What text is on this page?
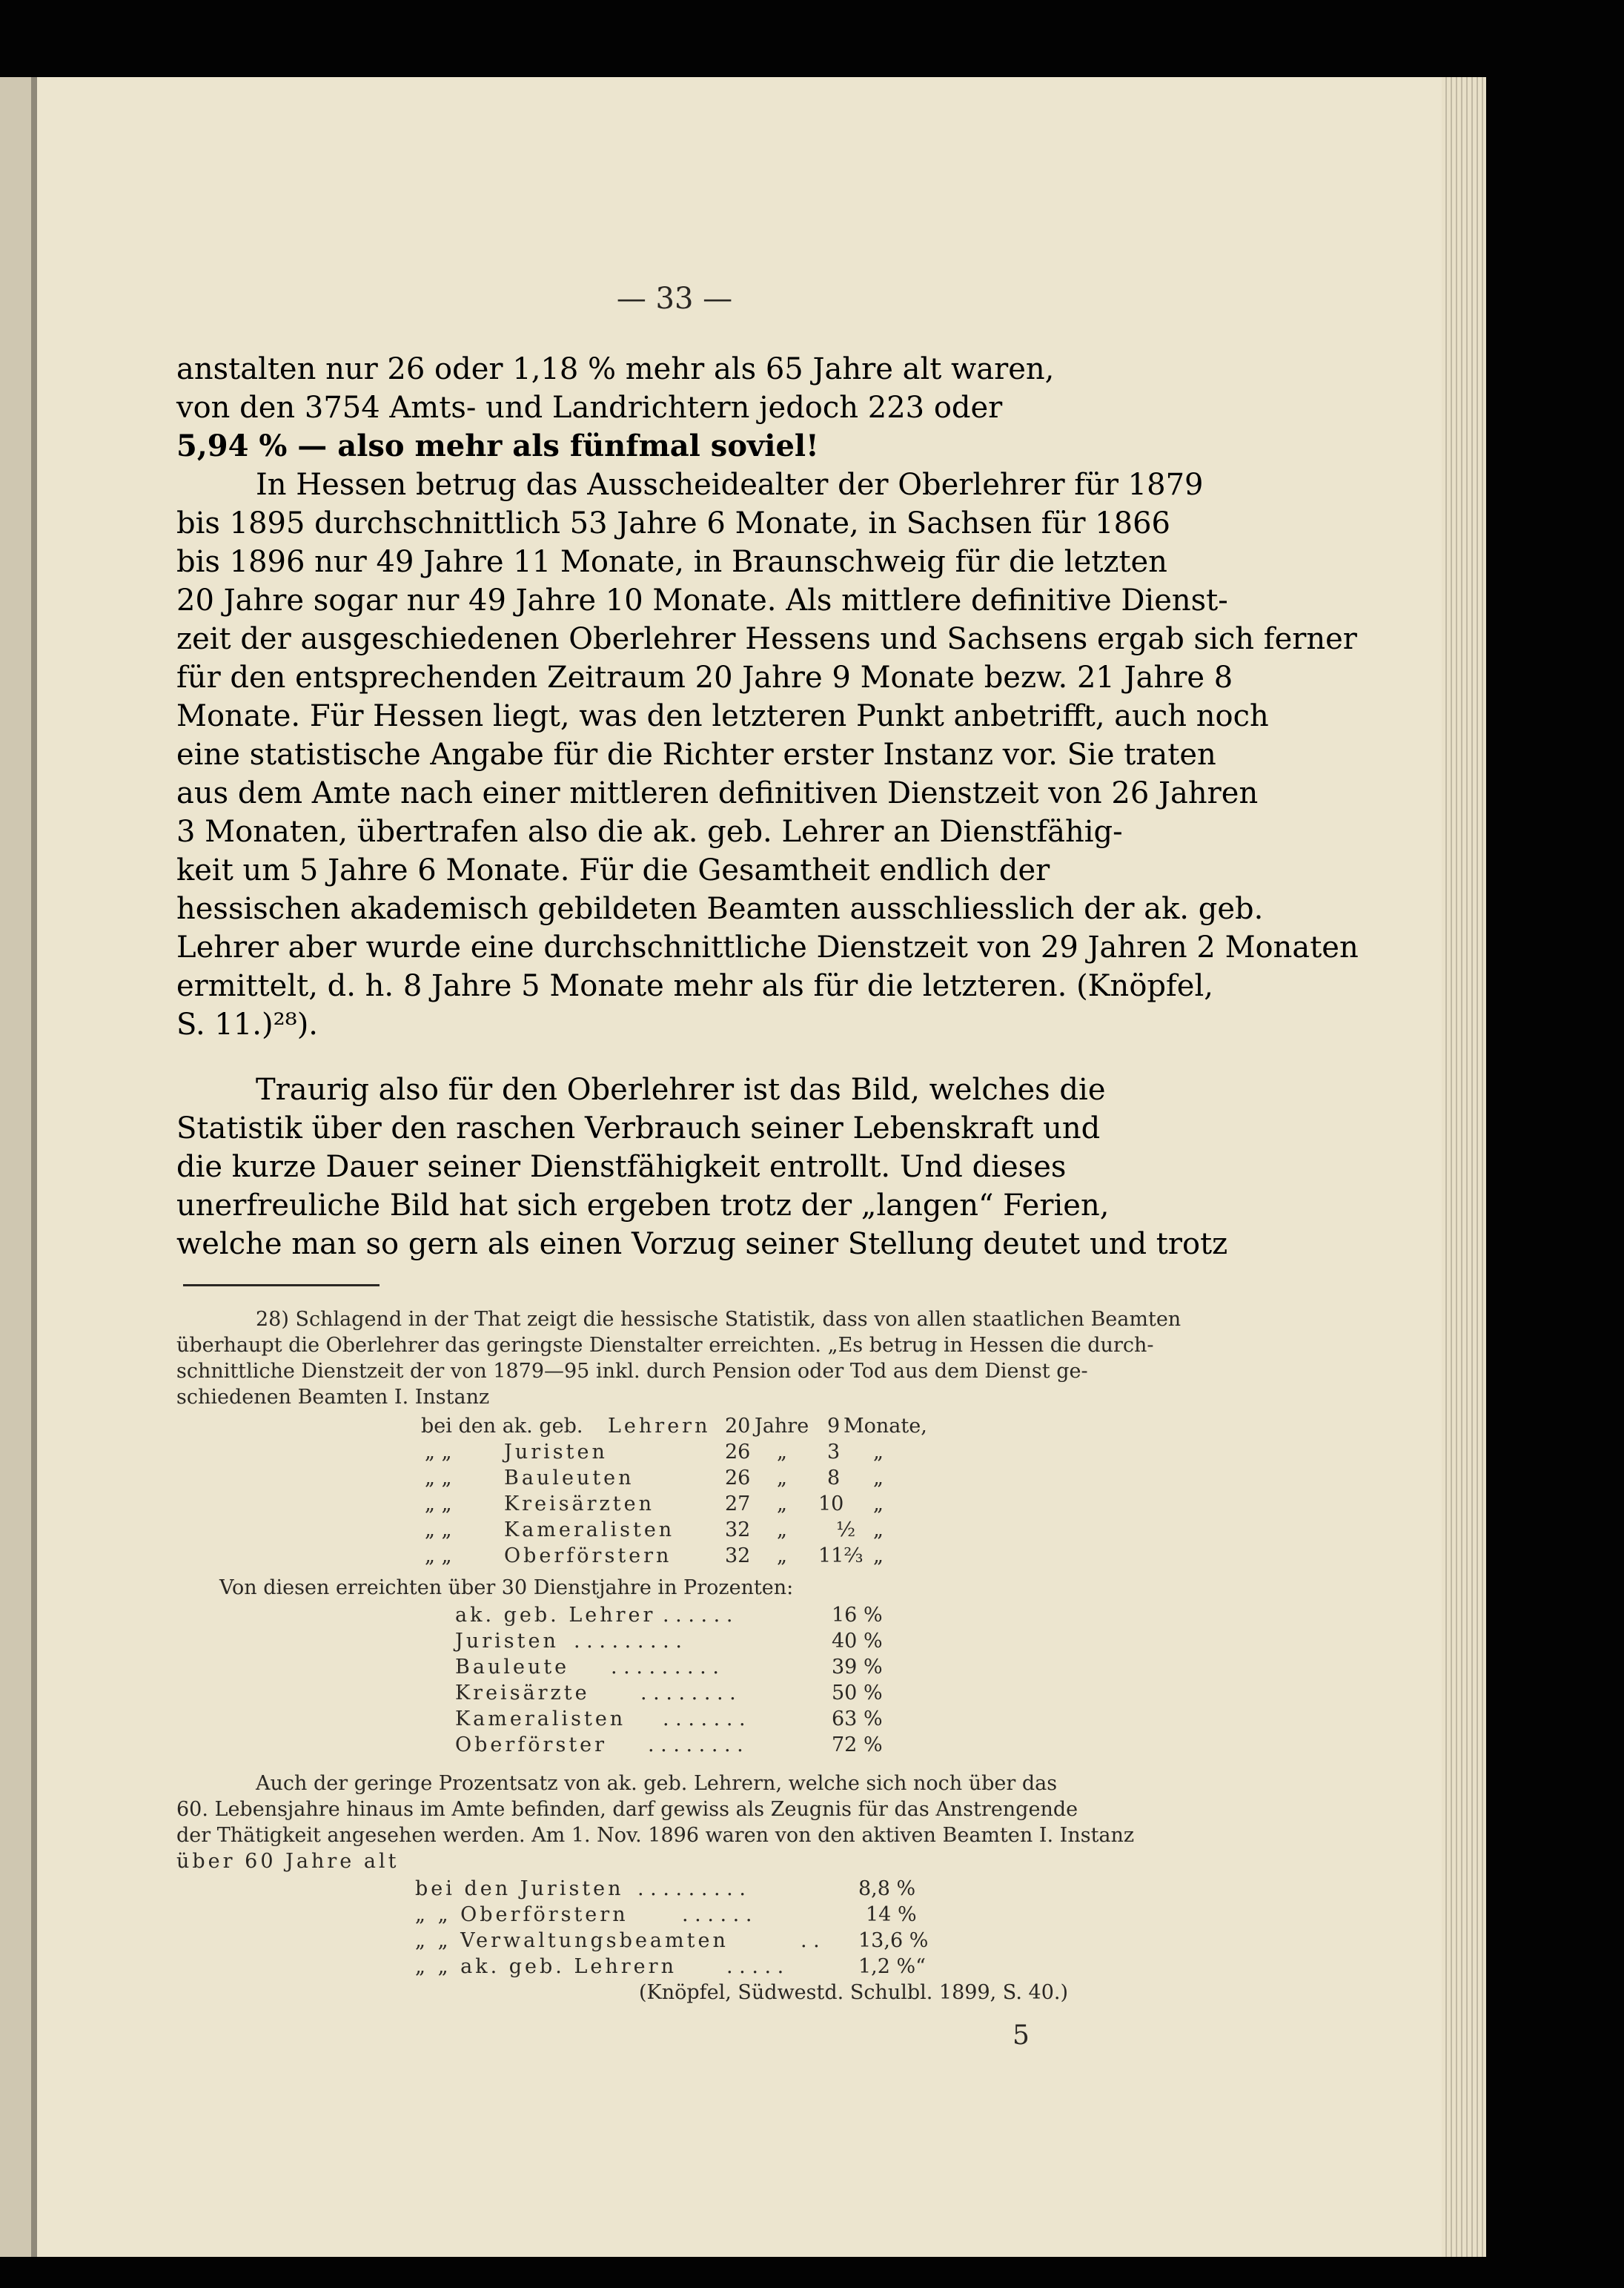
— 33 —
anstalten nur 26 oder 1,18 % mehr als 65 Jahre alt waren,
von den 3754 Amts- und Landrichtern jedoch 223 oder
5,94 % — also mehr als fünfmal soviel!
In Hessen betrug das Ausscheidealter der Oberlehrer für 1879
bis 1895 durchschnittlich 53 Jahre 6 Monate, in Sachsen für 1866
bis 1896 nur 49 Jahre 11 Monate, in Braunschweig für die letzten
20 Jahre sogar nur 49 Jahre 10 Monate. Als mittlere definitive Dienst-
zeit der ausgeschiedenen Oberlehrer Hessens und Sachsens ergab sich ferner
für den entsprechenden Zeitraum 20 Jahre 9 Monate bezw. 21 Jahre 8
Monate. Für Hessen liegt, was den letzteren Punkt anbetrifft, auch noch
eine statistische Angabe für die Richter erster Instanz vor. Sie traten
aus dem Amte nach einer mittleren definitiven Dienstzeit von 26 Jahren
3 Monaten, übertrafen also die ak. geb. Lehrer an Dienstfähig-
keit um 5 Jahre 6 Monate. Für die Gesamtheit endlich der
hessischen akademisch gebildeten Beamten ausschliesslich der ak. geb.
Lehrer aber wurde eine durchschnittliche Dienstzeit von 29 Jahren 2 Monaten
ermittelt, d. h. 8 Jahre 5 Monate mehr als für die letzteren. (Knöpfel,
S. 11.)²⁸).
Traurig also für den Oberlehrer ist das Bild, welches die
Statistik über den raschen Verbrauch seiner Lebenskraft und
die kurze Dauer seiner Dienstfähigkeit entrollt. Und dieses
unerfreuliche Bild hat sich ergeben trotz der „langen“ Ferien,
welche man so gern als einen Vorzug seiner Stellung deutet und trotz
28) Schlagend in der That zeigt die hessische Statistik, dass von allen staatlichen Beamten
überhaupt die Oberlehrer das geringste Dienstalter erreichten. „Es betrug in Hessen die durch-
schnittliche Dienstzeit der von 1879—95 inkl. durch Pension oder Tod aus dem Dienst ge-
schiedenen Beamten I. Instanz
bei den ak. geb.	Lehrern 20 Jahre 9 Monate,
„ „	Juristen	26	„	3	„
„ „	Bauleuten	26	„	8	„
„ „	Kreisärzten	27	„	10	„
„ „	Kameralisten	32	„	½ „
„ „	Oberförstern	32	„	11⅔ „
Von diesen erreichten über 30 Dienstjahre in Prozenten:
ak. geb. Lehrer . . . . . .	16 %
Juristen . . . . . . . . .	40 %
Bauleute	. . . . . . . . .	39 %
Kreisärzte	. . . . . . . .	50 %
Kameralisten	. . . . . . .	63 %
Oberförster	. . . . . . . .	72 %
Auch der geringe Prozentsatz von ak. geb. Lehrern, welche sich noch über das
60. Lebensjahre hinaus im Amte befinden, darf gewiss als Zeugnis für das Anstrengende
der Thätigkeit angesehen werden. Am 1. Nov. 1896 waren von den aktiven Beamten I. Instanz
über 60 Jahre alt
bei den Juristen . . . . . . . . .	8,8 %
„ „ Oberförstern	. . . . . .	14 %
„ „ Verwaltungsbeamten	. .	13,6 %
„ „ ak. geb. Lehrern	. . . . .	1,2 %“
(Knöpfel, Südwestd. Schulbl. 1899, S. 40.)
5
